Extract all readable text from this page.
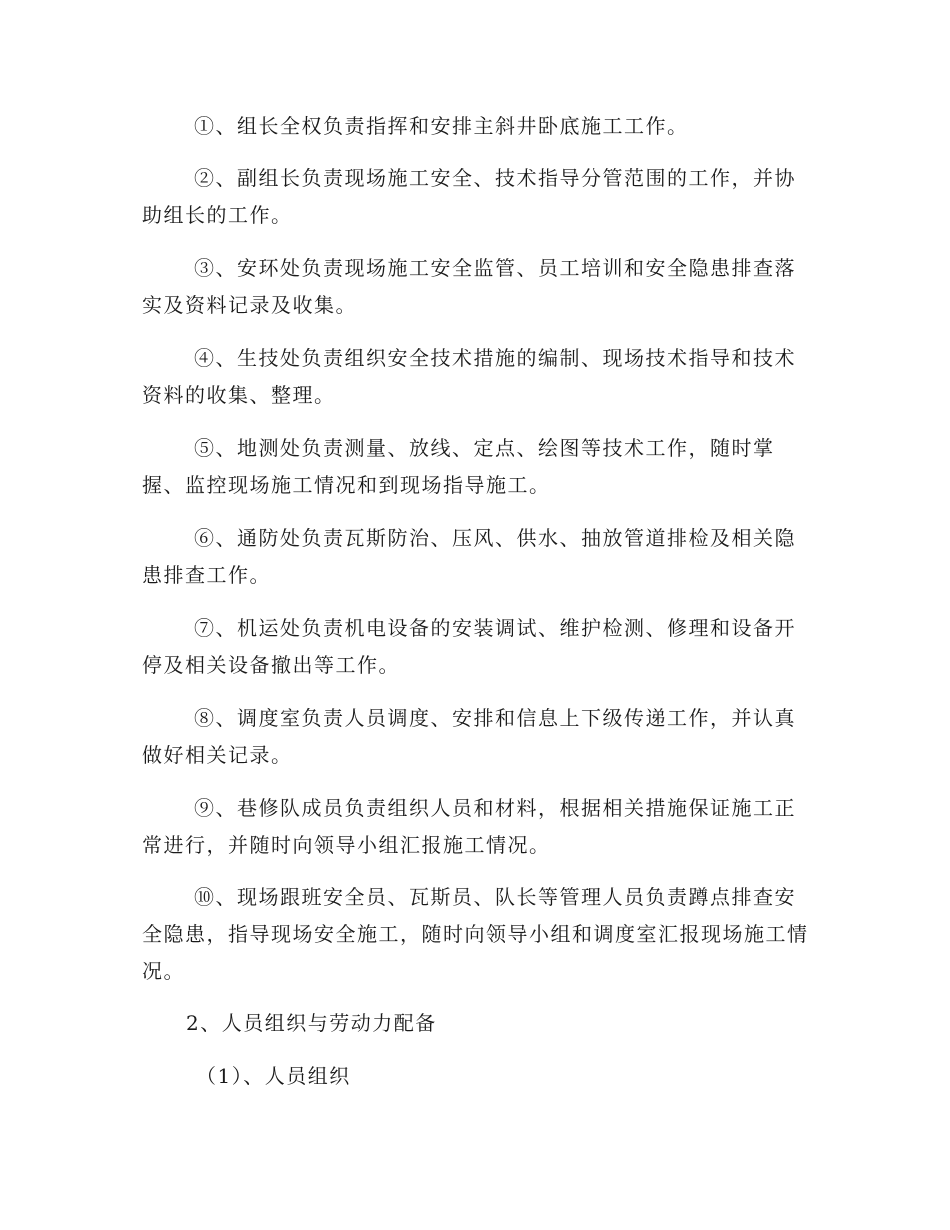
①、组长全权负责指挥和安排主斜井卧底施工工作。

②、副组长负责现场施工安全、技术指导分管范围的工作，并协助组长的工作。

③、安环处负责现场施工安全监管、员工培训和安全隐患排查落实及资料记录及收集。

④、生技处负责组织安全技术措施的编制、现场技术指导和技术资料的收集、整理。

⑤、地测处负责测量、放线、定点、绘图等技术工作，随时掌握、监控现场施工情况和到现场指导施工。

⑥、通防处负责瓦斯防治、压风、供水、抽放管道排检及相关隐患排查工作。

⑦、机运处负责机电设备的安装调试、维护检测、修理和设备开停及相关设备撤出等工作。

⑧、调度室负责人员调度、安排和信息上下级传递工作，并认真做好相关记录。

⑨、巷修队成员负责组织人员和材料，根据相关措施保证施工正常进行，并随时向领导小组汇报施工情况。

⑩、现场跟班安全员、瓦斯员、队长等管理人员负责蹲点排查安全隐患，指导现场安全施工，随时向领导小组和调度室汇报现场施工情况。

2、人员组织与劳动力配备

（1）、人员组织
